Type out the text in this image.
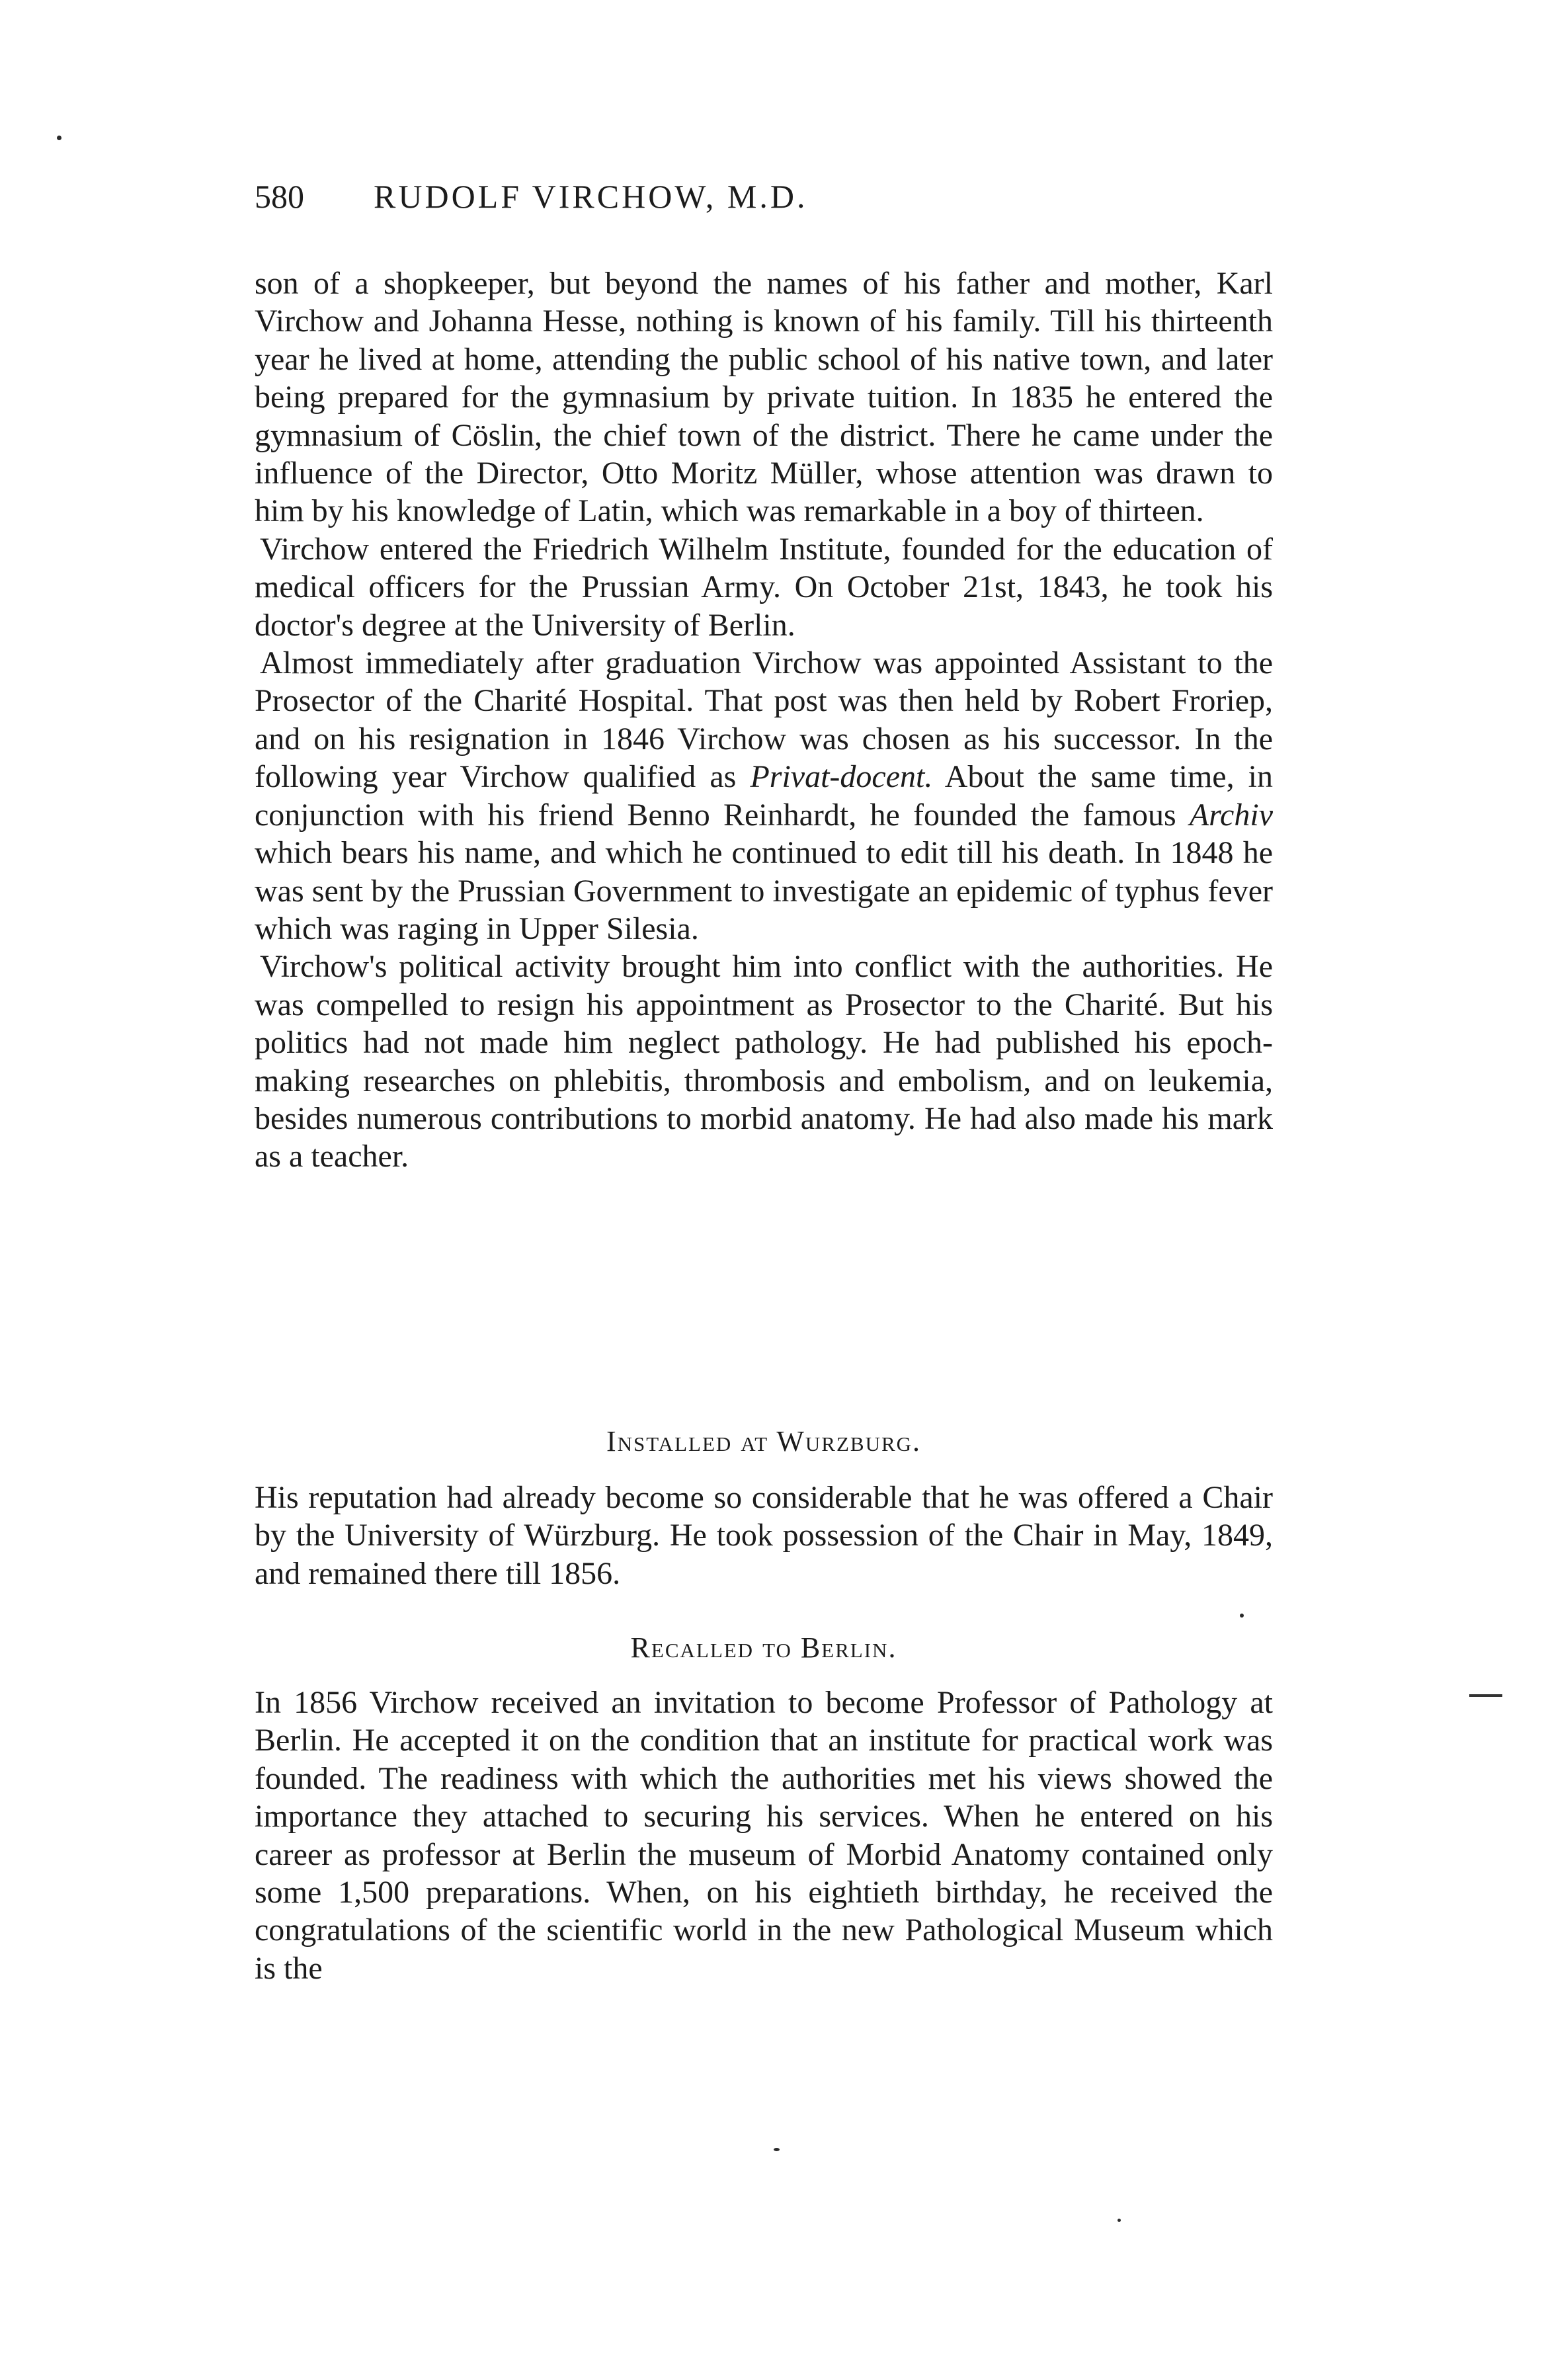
580 RUDOLF VIRCHOW, M.D.

son of a shopkeeper, but beyond the names of his father and mother, Karl Virchow and Johanna Hesse, nothing is known of his family. Till his thirteenth year he lived at home, attending the public school of his native town, and later being prepared for the gymnasium by private tuition. In 1835 he entered the gymnasium of Cöslin, the chief town of the district. There he came under the influence of the Director, Otto Moritz Müller, whose attention was drawn to him by his knowledge of Latin, which was remarkable in a boy of thirteen.

Virchow entered the Friedrich Wilhelm Institute, founded for the education of medical officers for the Prussian Army. On October 21st, 1843, he took his doctor's degree at the University of Berlin.

Almost immediately after graduation Virchow was appointed Assistant to the Prosector of the Charité Hospital. That post was then held by Robert Froriep, and on his resignation in 1846 Virchow was chosen as his successor. In the following year Virchow qualified as Privat-docent. About the same time, in conjunction with his friend Benno Reinhardt, he founded the famous Archiv which bears his name, and which he continued to edit till his death. In 1848 he was sent by the Prussian Government to investigate an epidemic of typhus fever which was raging in Upper Silesia.

Virchow's political activity brought him into conflict with the authorities. He was compelled to resign his appointment as Prosector to the Charité. But his politics had not made him neglect pathology. He had published his epoch-making researches on phlebitis, thrombosis and embolism, and on leukemia, besides numerous contributions to morbid anatomy. He had also made his mark as a teacher.

Installed at Wurzburg.

His reputation had already become so considerable that he was offered a Chair by the University of Würzburg. He took possession of the Chair in May, 1849, and remained there till 1856.

Recalled to Berlin.

In 1856 Virchow received an invitation to become Professor of Pathology at Berlin. He accepted it on the condition that an institute for practical work was founded. The readiness with which the authorities met his views showed the importance they attached to securing his services. When he entered on his career as professor at Berlin the museum of Morbid Anatomy contained only some 1,500 preparations. When, on his eightieth birthday, he received the congratulations of the scientific world in the new Pathological Museum which is the
